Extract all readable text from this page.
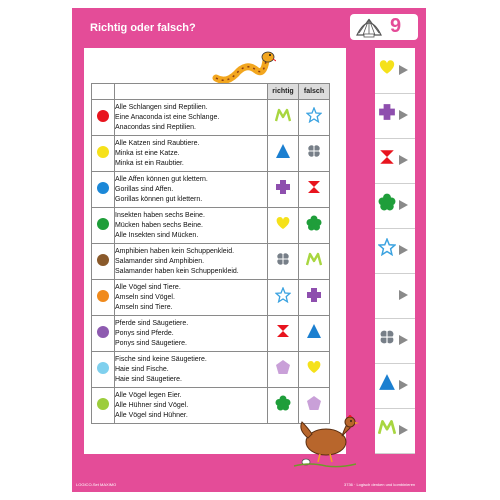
Richtig oder falsch?	9
		richtig	falsch

	Alle Schlangen sind Reptilien.
Eine Anaconda ist eine Schlange.
Anacondas sind Reptilien.

	Alle Katzen sind Raubtiere.
Minka ist eine Katze.
Minka ist ein Raubtier.

	Alle Affen können gut klettern.
Gorillas sind Affen.
Gorillas können gut klettern.

	Insekten haben sechs Beine.
Mücken haben sechs Beine.
Alle Insekten sind Mücken.

	Amphibien haben kein Schuppenkleid.
Salamander sind Amphibien.
Salamander haben kein Schuppenkleid.

	Alle Vögel sind Tiere.
Amseln sind Vögel.
Amseln sind Tiere.

	Pferde sind Säugetiere.
Ponys sind Pferde.
Ponys sind Säugetiere.

	Fische sind keine Säugetiere.
Haie sind Fische.
Haie sind Säugetiere.

	Alle Vögel legen Eier.
Alle Hühner sind Vögel.
Alle Vögel sind Hühner.

LOGICO-Set MAXIMO	3736 · Logisch denken und kombinieren
